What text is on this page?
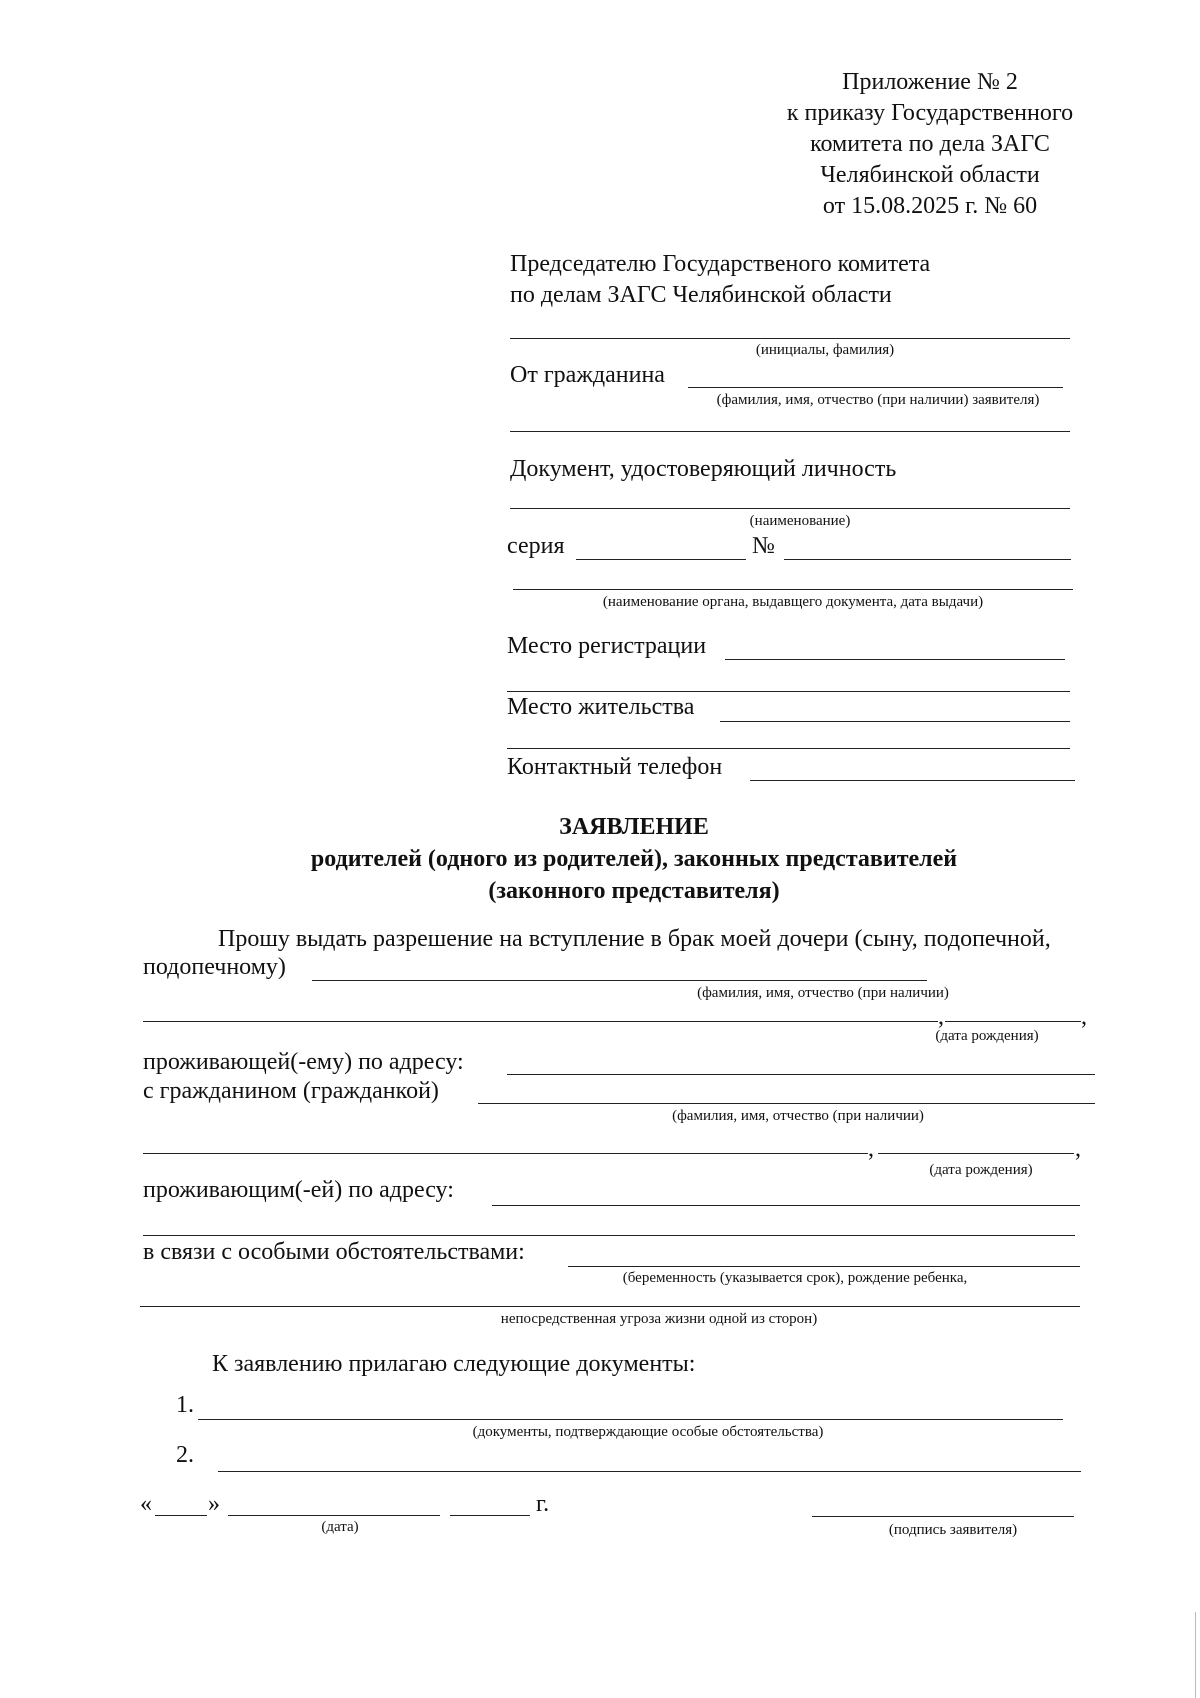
Приложение № 2
к приказу Государственного
комитета по дела ЗАГС
Челябинской области
от 15.08.2025 г. № 60
Председателю Государственого комитета
по делам ЗАГС Челябинской области
(инициалы, фамилия)
От гражданина
(фамилия, имя, отчество (при наличии) заявителя)
Документ, удостоверяющий личность
(наименование)
серия	№
(наименование органа, выдавщего документа, дата выдачи)
Место регистрации
Место жительства
Контактный телефон
ЗАЯВЛЕНИЕ
родителей (одного из родителей), законных представителей
(законного представителя)
Прошу выдать разрешение на вступление в брак моей дочери (сыну, подопечной,
подопечному)
(фамилия, имя, отчество (при наличии)
,	,
(дата рождения)
проживающей(-ему) по адресу:
с гражданином (гражданкой)
(фамилия, имя, отчество (при наличии)
,	,
(дата рождения)
проживающим(-ей) по адресу:
в связи с особыми обстоятельствами:
(беременность (указывается срок), рождение ребенка,
непосредственная угроза жизни одной из сторон)
К заявлению прилагаю следующие документы:
1.
(документы, подтверждающие особые обстоятельства)
2.
« »	г.
(дата)	(подпись заявителя)
